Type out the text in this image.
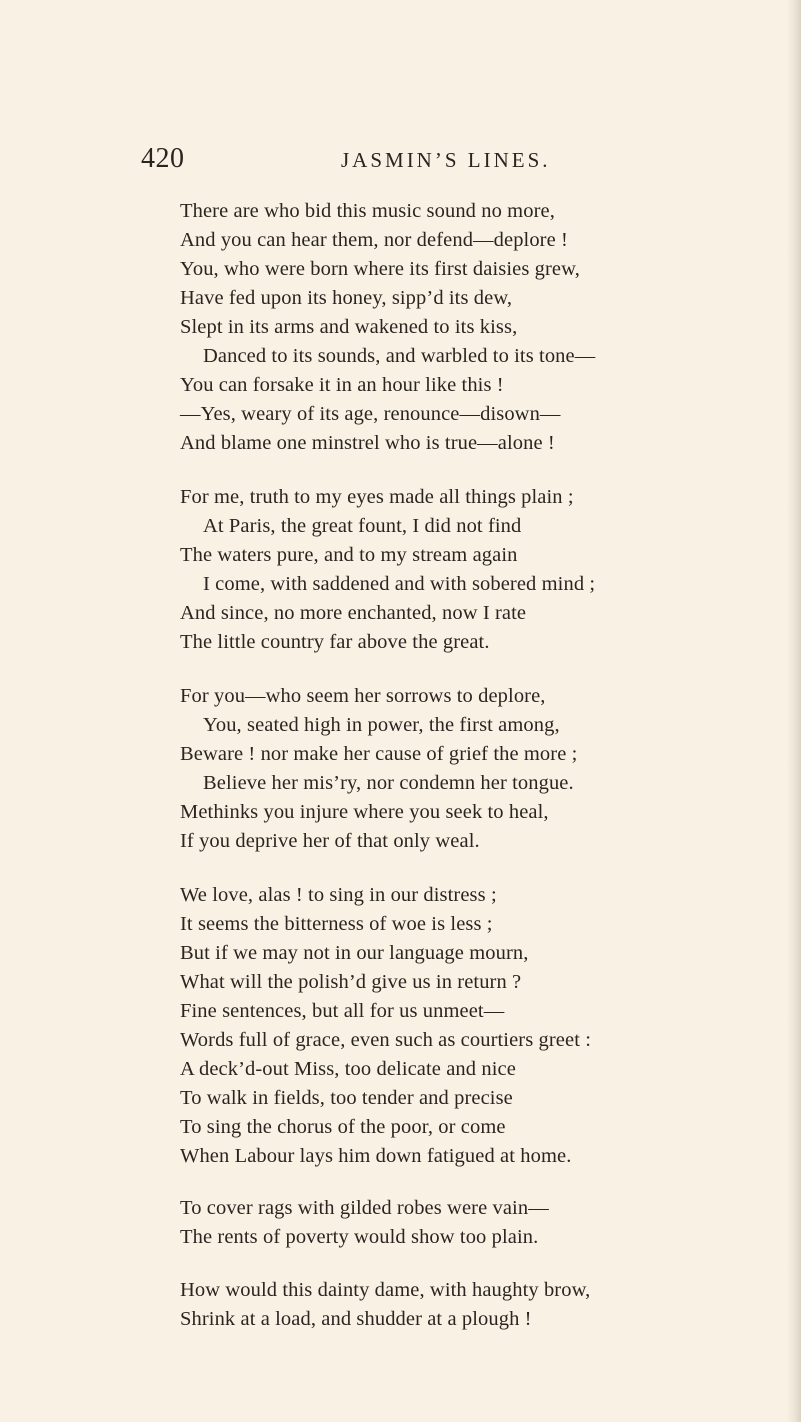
420	JASMIN’S LINES.
There are who bid this music sound no more,
And you can hear them, nor defend—deplore !
You, who were born where its first daisies grew,
Have fed upon its honey, sipp’d its dew,
Slept in its arms and wakened to its kiss,
Danced to its sounds, and warbled to its tone—
You can forsake it in an hour like this !
—Yes, weary of its age, renounce—disown—
And blame one minstrel who is true—alone !
For me, truth to my eyes made all things plain ;
At Paris, the great fount, I did not find
The waters pure, and to my stream again
I come, with saddened and with sobered mind ;
And since, no more enchanted, now I rate
The little country far above the great.
For you—who seem her sorrows to deplore,
You, seated high in power, the first among,
Beware ! nor make her cause of grief the more ;
Believe her mis’ry, nor condemn her tongue.
Methinks you injure where you seek to heal,
If you deprive her of that only weal.
We love, alas ! to sing in our distress ;
It seems the bitterness of woe is less ;
But if we may not in our language mourn,
What will the polish’d give us in return ?
Fine sentences, but all for us unmeet—
Words full of grace, even such as courtiers greet :
A deck’d-out Miss, too delicate and nice
To walk in fields, too tender and precise
To sing the chorus of the poor, or come
When Labour lays him down fatigued at home.
To cover rags with gilded robes were vain—
The rents of poverty would show too plain.
How would this dainty dame, with haughty brow,
Shrink at a load, and shudder at a plough !
